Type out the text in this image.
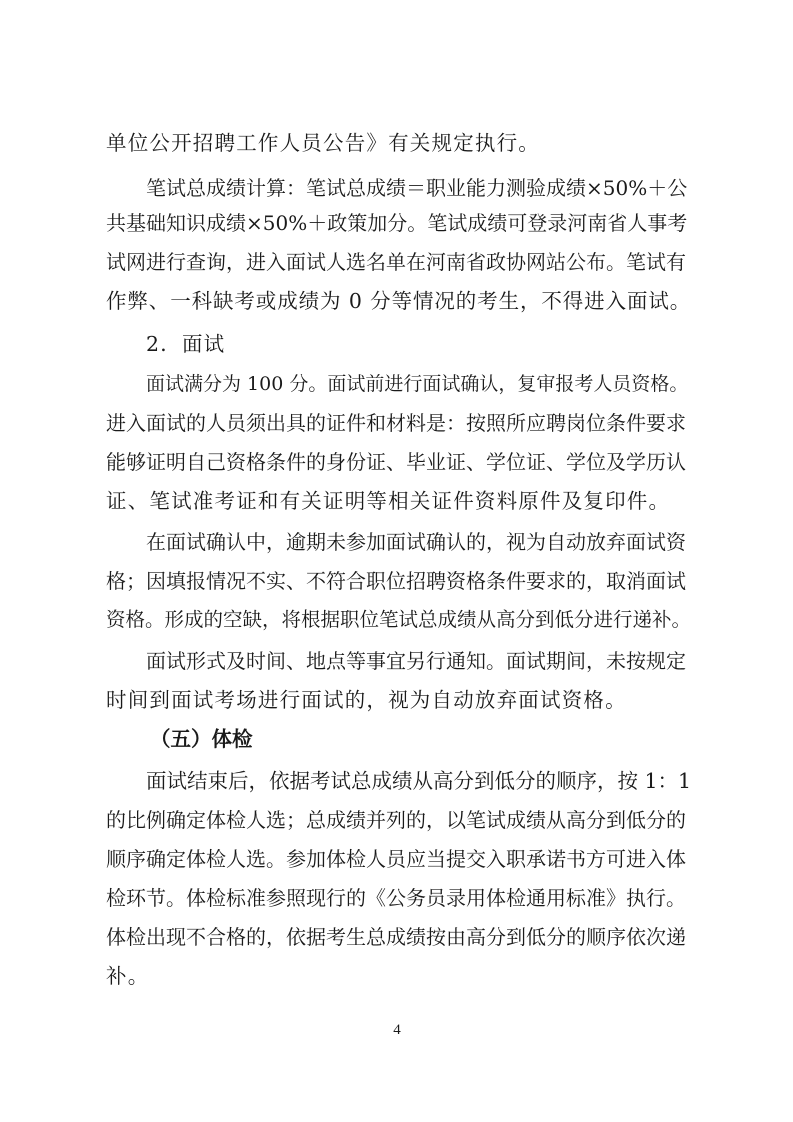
单位公开招聘工作人员公告》有关规定执行。
笔试总成绩计算：笔试总成绩＝职业能力测验成绩×50%＋公
共基础知识成绩×50%＋政策加分。笔试成绩可登录河南省人事考
试网进行查询，进入面试人选名单在河南省政协网站公布。笔试有
作弊、一科缺考或成绩为 0 分等情况的考生，不得进入面试。
2．面试
面试满分为 100 分。面试前进行面试确认，复审报考人员资格。
进入面试的人员须出具的证件和材料是：按照所应聘岗位条件要求
能够证明自己资格条件的身份证、毕业证、学位证、学位及学历认
证、笔试准考证和有关证明等相关证件资料原件及复印件。
在面试确认中，逾期未参加面试确认的，视为自动放弃面试资
格；因填报情况不实、不符合职位招聘资格条件要求的，取消面试
资格。形成的空缺，将根据职位笔试总成绩从高分到低分进行递补。
面试形式及时间、地点等事宜另行通知。面试期间，未按规定
时间到面试考场进行面试的，视为自动放弃面试资格。
（五）体检
面试结束后，依据考试总成绩从高分到低分的顺序，按 1：1
的比例确定体检人选；总成绩并列的，以笔试成绩从高分到低分的
顺序确定体检人选。参加体检人员应当提交入职承诺书方可进入体
检环节。体检标准参照现行的《公务员录用体检通用标准》执行。
体检出现不合格的，依据考生总成绩按由高分到低分的顺序依次递
补。
4
